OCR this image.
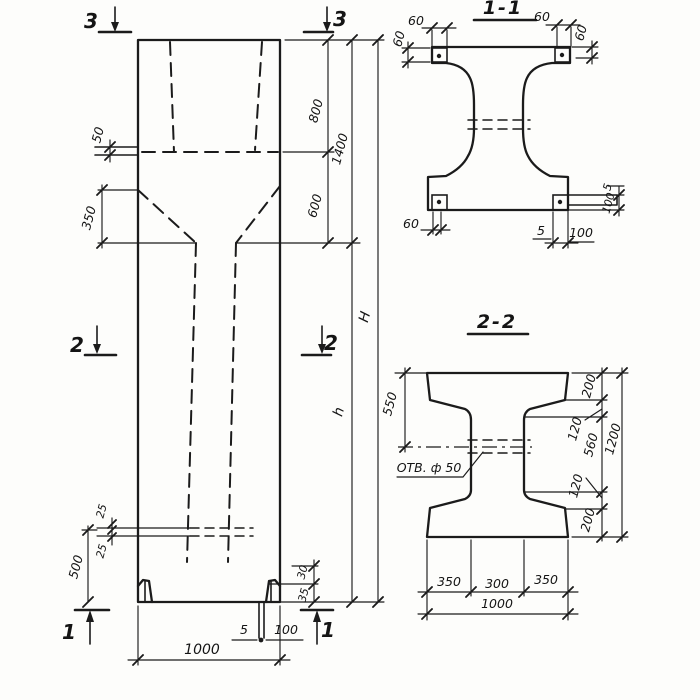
50
350
800
1400
600
H
h
25
25
500	30
35
5 100
1000
3	3
2	2
1	1
1-1
60	60
60	60
60	5 100
5
100
2-2
ОТВ. ф 50
550
200
120
560
120
200
1200
350 300 350
1000
